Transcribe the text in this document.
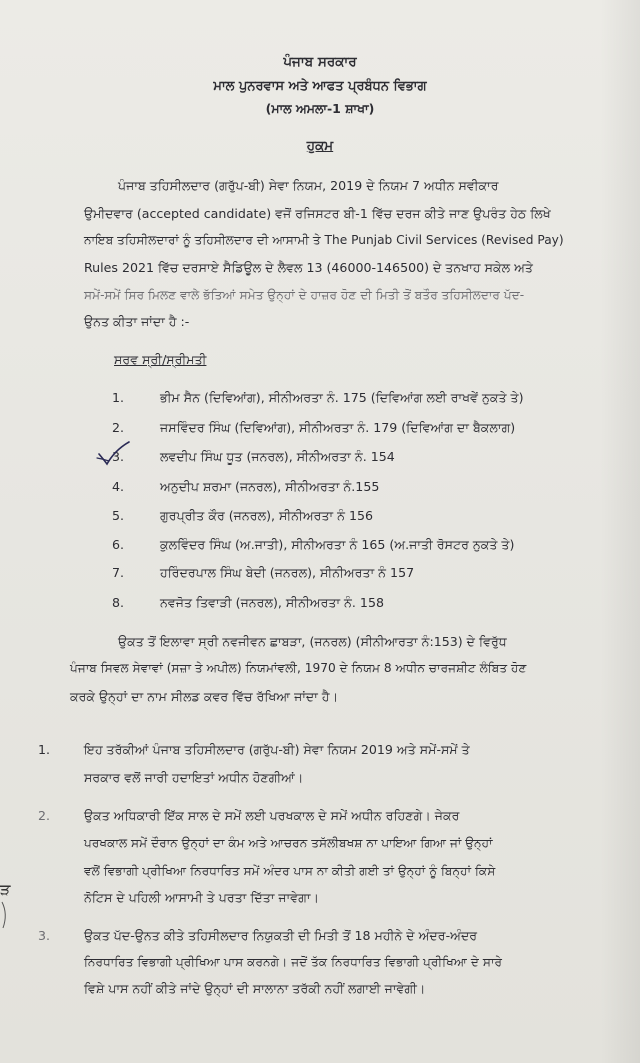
ਪੰਜਾਬ ਸਰਕਾਰ
ਮਾਲ ਪੁਨਰਵਾਸ ਅਤੇ ਆਫਤ ਪ੍ਰਬੰਧਨ ਵਿਭਾਗ
(ਮਾਲ ਅਮਲਾ-1 ਸ਼ਾਖਾ)
ਹੁਕਮ
ਪੰਜਾਬ ਤਹਿਸੀਲਦਾਰ (ਗਰੁੱਪ-ਬੀ) ਸੇਵਾ ਨਿਯਮ, 2019 ਦੇ ਨਿਯਮ 7 ਅਧੀਨ ਸਵੀਕਾਰ
ਉਮੀਦਵਾਰ (accepted candidate) ਵਜੋਂ ਰਜਿਸਟਰ ਬੀ-1 ਵਿੱਚ ਦਰਜ ਕੀਤੇ ਜਾਣ ਉਪਰੰਤ ਹੇਠ ਲਿਖੇ
ਨਾਇਬ ਤਹਿਸੀਲਦਾਰਾਂ ਨੂੰ ਤਹਿਸੀਲਦਾਰ ਦੀ ਆਸਾਮੀ ਤੇ The Punjab Civil Services (Revised Pay)
Rules 2021 ਵਿੱਚ ਦਰਸਾਏ ਸੈਡਿਊਲ ਦੇ ਲੈਵਲ 13 (46000-146500) ਦੇ ਤਨਖਾਹ ਸਕੇਲ ਅਤੇ
ਸਮੇਂ-ਸਮੇਂ ਸਿਰ ਮਿਲਣ ਵਾਲੇ ਭੱਤਿਆਂ ਸਮੇਤ ਉਨ੍ਹਾਂ ਦੇ ਹਾਜ਼ਰ ਹੋਣ ਦੀ ਮਿਤੀ ਤੋਂ ਬਤੌਰ ਤਹਿਸੀਲਦਾਰ ਪੱਦ-
ਉਨਤ ਕੀਤਾ ਜਾਂਦਾ ਹੈ :-
ਸਰਵ ਸ੍ਰੀ/ਸ੍ਰੀਮਤੀ
1.	ਭੀਮ ਸੈਨ (ਦਿਵਿਆਂਗ), ਸੀਨੀਅਰਤਾ ਨੰ. 175 (ਦਿਵਿਆਂਗ ਲਈ ਰਾਖਵੇਂ ਨੁਕਤੇ ਤੇ)
2.	ਜਸਵਿੰਦਰ ਸਿੰਘ (ਦਿਵਿਆਂਗ), ਸੀਨੀਅਰਤਾ ਨੰ. 179 (ਦਿਵਿਆਂਗ ਦਾ ਬੈਕਲਾਗ)
3.	ਲਵਦੀਪ ਸਿੰਘ ਧੂਤ (ਜਨਰਲ), ਸੀਨੀਅਰਤਾ ਨੰ. 154
4.	ਅਨੁਦੀਪ ਸ਼ਰਮਾ (ਜਨਰਲ), ਸੀਨੀਅਰਤਾ ਨੰ.155
5.	ਗੁਰਪ੍ਰੀਤ ਕੌਰ (ਜਨਰਲ), ਸੀਨੀਅਰਤਾ ਨੰ 156
6.	ਕੁਲਵਿੰਦਰ ਸਿੰਘ (ਅ.ਜਾਤੀ), ਸੀਨੀਅਰਤਾ ਨੰ 165 (ਅ.ਜਾਤੀ ਰੋਸਟਰ ਨੁਕਤੇ ਤੇ)
7.	ਹਰਿੰਦਰਪਾਲ ਸਿੰਘ ਬੇਦੀ (ਜਨਰਲ), ਸੀਨੀਅਰਤਾ ਨੰ 157
8.	ਨਵਜੋਤ ਤਿਵਾੜੀ (ਜਨਰਲ), ਸੀਨੀਅਰਤਾ ਨੰ. 158
ਉਕਤ ਤੋਂ ਇਲਾਵਾ ਸ੍ਰੀ ਨਵਜੀਵਨ ਛਾਬੜਾ, (ਜਨਰਲ) (ਸੀਨੀਆਰਤਾ ਨੰ:153) ਦੇ ਵਿਰੁੱਧ
ਪੰਜਾਬ ਸਿਵਲ ਸੇਵਾਵਾਂ (ਸਜ਼ਾ ਤੇ ਅਪੀਲ) ਨਿਯਮਾਂਵਲੀ, 1970 ਦੇ ਨਿਯਮ 8 ਅਧੀਨ ਚਾਰਜਸ਼ੀਟ ਲੰਬਿਤ ਹੋਣ
ਕਰਕੇ ਉਨ੍ਹਾਂ ਦਾ ਨਾਮ ਸੀਲਡ ਕਵਰ ਵਿੱਚ ਰੱਖਿਆ ਜਾਂਦਾ ਹੈ।
1.	ਇਹ ਤਰੱਕੀਆਂ ਪੰਜਾਬ ਤਹਿਸੀਲਦਾਰ (ਗਰੁੱਪ-ਬੀ) ਸੇਵਾ ਨਿਯਮ 2019 ਅਤੇ ਸਮੇਂ-ਸਮੇਂ ਤੇ
ਸਰਕਾਰ ਵਲੋਂ ਜਾਰੀ ਹਦਾਇਤਾਂ ਅਧੀਨ ਹੋਣਗੀਆਂ।
2.	ਉਕਤ ਅਧਿਕਾਰੀ ਇੱਕ ਸਾਲ ਦੇ ਸਮੇਂ ਲਈ ਪਰਖਕਾਲ ਦੇ ਸਮੇਂ ਅਧੀਨ ਰਹਿਣਗੇ। ਜੇਕਰ
ਪਰਖਕਾਲ ਸਮੇਂ ਦੌਰਾਨ ਉਨ੍ਹਾਂ ਦਾ ਕੰਮ ਅਤੇ ਆਚਰਨ ਤਸੱਲੀਬਖਸ਼ ਨਾ ਪਾਇਆ ਗਿਆ ਜਾਂ ਉਨ੍ਹਾਂ
ਵਲੋਂ ਵਿਭਾਗੀ ਪ੍ਰੀਖਿਆ ਨਿਰਧਾਰਿਤ ਸਮੇਂ ਅੰਦਰ ਪਾਸ ਨਾ ਕੀਤੀ ਗਈ ਤਾਂ ਉਨ੍ਹਾਂ ਨੂੰ ਬਿਨ੍ਹਾਂ ਕਿਸੇ
ਨੋਟਿਸ ਦੇ ਪਹਿਲੀ ਆਸਾਮੀ ਤੇ ਪਰਤਾ ਦਿੱਤਾ ਜਾਵੇਗਾ।
3.	ਉਕਤ ਪੱਦ-ਉਨਤ ਕੀਤੇ ਤਹਿਸੀਲਦਾਰ ਨਿਯੁਕਤੀ ਦੀ ਮਿਤੀ ਤੋਂ 18 ਮਹੀਨੇ ਦੇ ਅੰਦਰ-ਅੰਦਰ
ਨਿਰਧਾਰਿਤ ਵਿਭਾਗੀ ਪ੍ਰੀਖਿਆ ਪਾਸ ਕਰਨਗੇ। ਜਦੋਂ ਤੱਕ ਨਿਰਧਾਰਿਤ ਵਿਭਾਗੀ ਪ੍ਰੀਖਿਆ ਦੇ ਸਾਰੇ
ਵਿਸ਼ੇ ਪਾਸ ਨਹੀਂ ਕੀਤੇ ਜਾਂਦੇ ਉਨ੍ਹਾਂ ਦੀ ਸਾਲਾਨਾ ਤਰੱਕੀ ਨਹੀਂ ਲਗਾਈ ਜਾਵੇਗੀ।
ੜ
